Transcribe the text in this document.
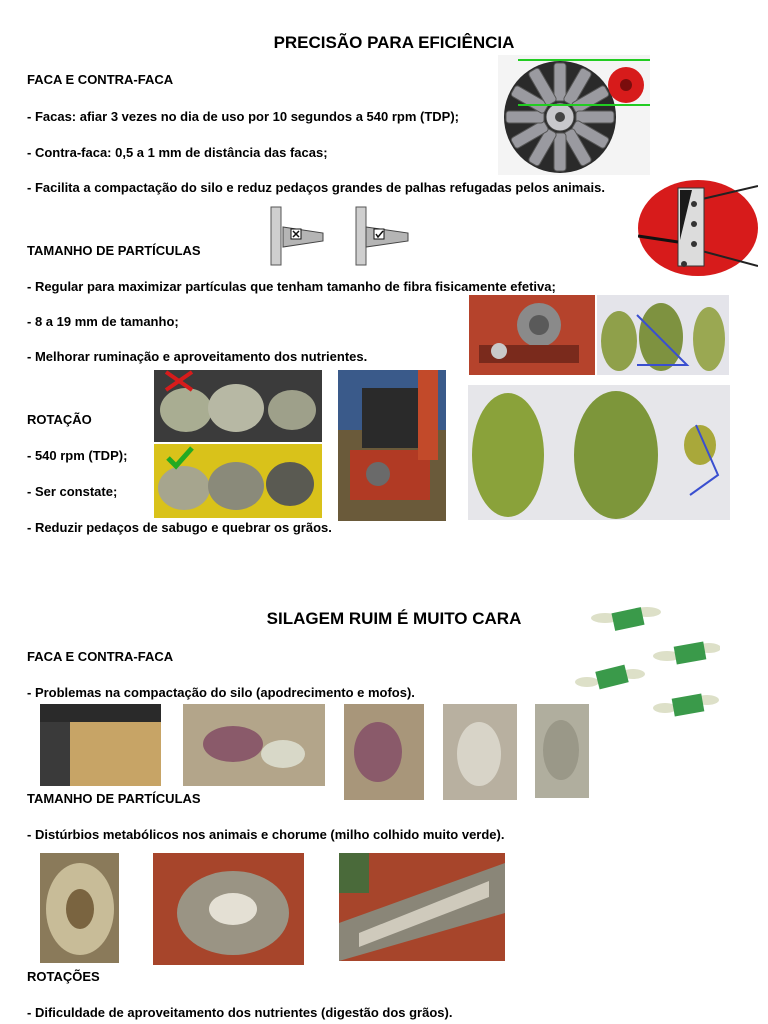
PRECISÃO PARA EFICIÊNCIA
FACA E CONTRA-FACA
- Facas: afiar 3 vezes no dia de uso por 10 segundos a 540 rpm (TDP);
- Contra-faca: 0,5 a 1 mm de distância das facas;
- Facilita a compactação do silo e reduz pedaços grandes de palhas refugadas pelos animais.
TAMANHO DE PARTÍCULAS
- Regular para maximizar partículas que tenham tamanho de fibra fisicamente efetiva;
- 8 a 19 mm de tamanho;
- Melhorar ruminação e aproveitamento dos nutrientes.
ROTAÇÃO
- 540 rpm (TDP);
- Ser constate;
- Reduzir pedaços de sabugo e quebrar os grãos.
SILAGEM RUIM É MUITO CARA
FACA E CONTRA-FACA
- Problemas na compactação do silo (apodrecimento e mofos).
TAMANHO DE PARTÍCULAS
- Distúrbios metabólicos nos animais e chorume (milho colhido muito verde).
ROTAÇÕES
- Dificuldade de aproveitamento dos nutrientes (digestão dos grãos).
